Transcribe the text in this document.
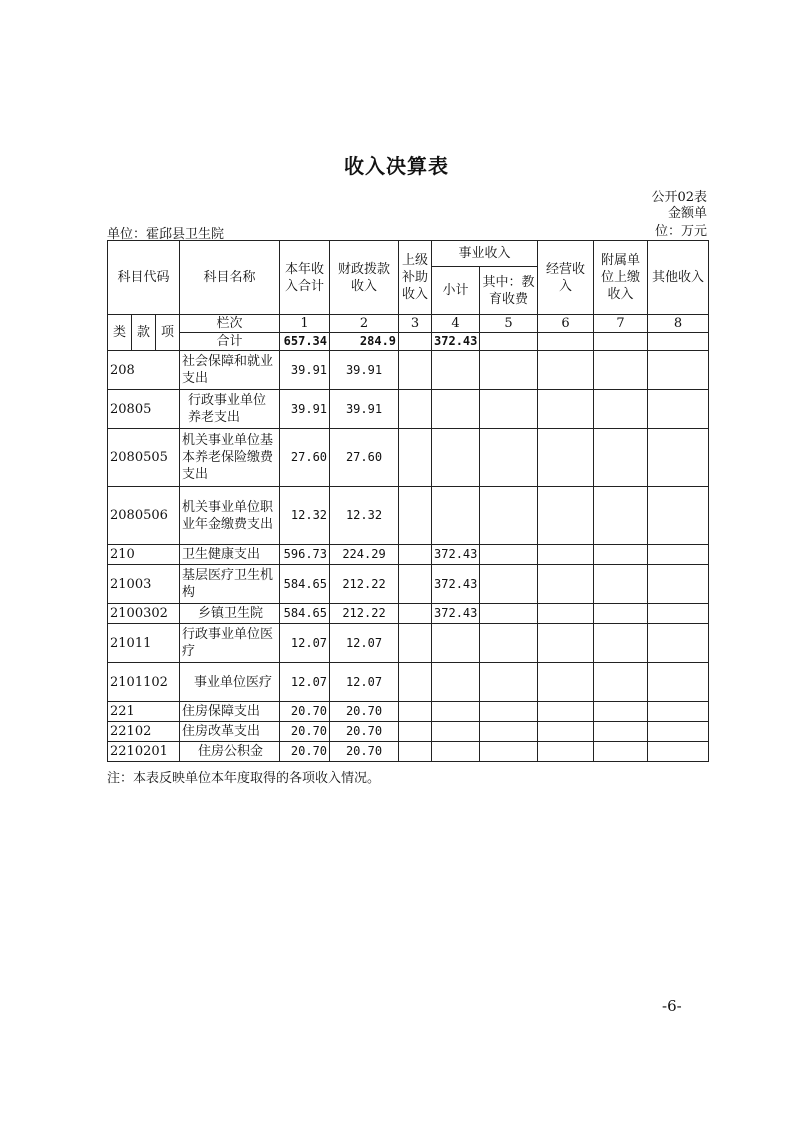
收入决算表
公开02表
金额单位：万元
单位：霍邱县卫生院
科目代码			科目名称	本年收入合计	财政拨款收入	上级补助收入	事业收入		经营收入	附属单位上缴收入	其他收入
							小计	其中：教育收费			
类	款	项	栏次	1	2	3	4	5	6	7	8
			合计	657.34	284.9		372.43				
208			社会保障和就业支出	39.91	39.91						
20805			行政事业单位养老支出	39.91	39.91						
2080505			机关事业单位基本养老保险缴费支出	27.60	27.60						
2080506			机关事业单位职业年金缴费支出	12.32	12.32						
210			卫生健康支出	596.73	224.29		372.43				
21003			基层医疗卫生机构	584.65	212.22		372.43				
2100302			乡镇卫生院	584.65	212.22		372.43				
21011			行政事业单位医疗	12.07	12.07						
2101102			事业单位医疗	12.07	12.07						
221			住房保障支出	20.70	20.70						
22102			住房改革支出	20.70	20.70						
2210201			住房公积金	20.70	20.70						
注：本表反映单位本年度取得的各项收入情况。
-6-
